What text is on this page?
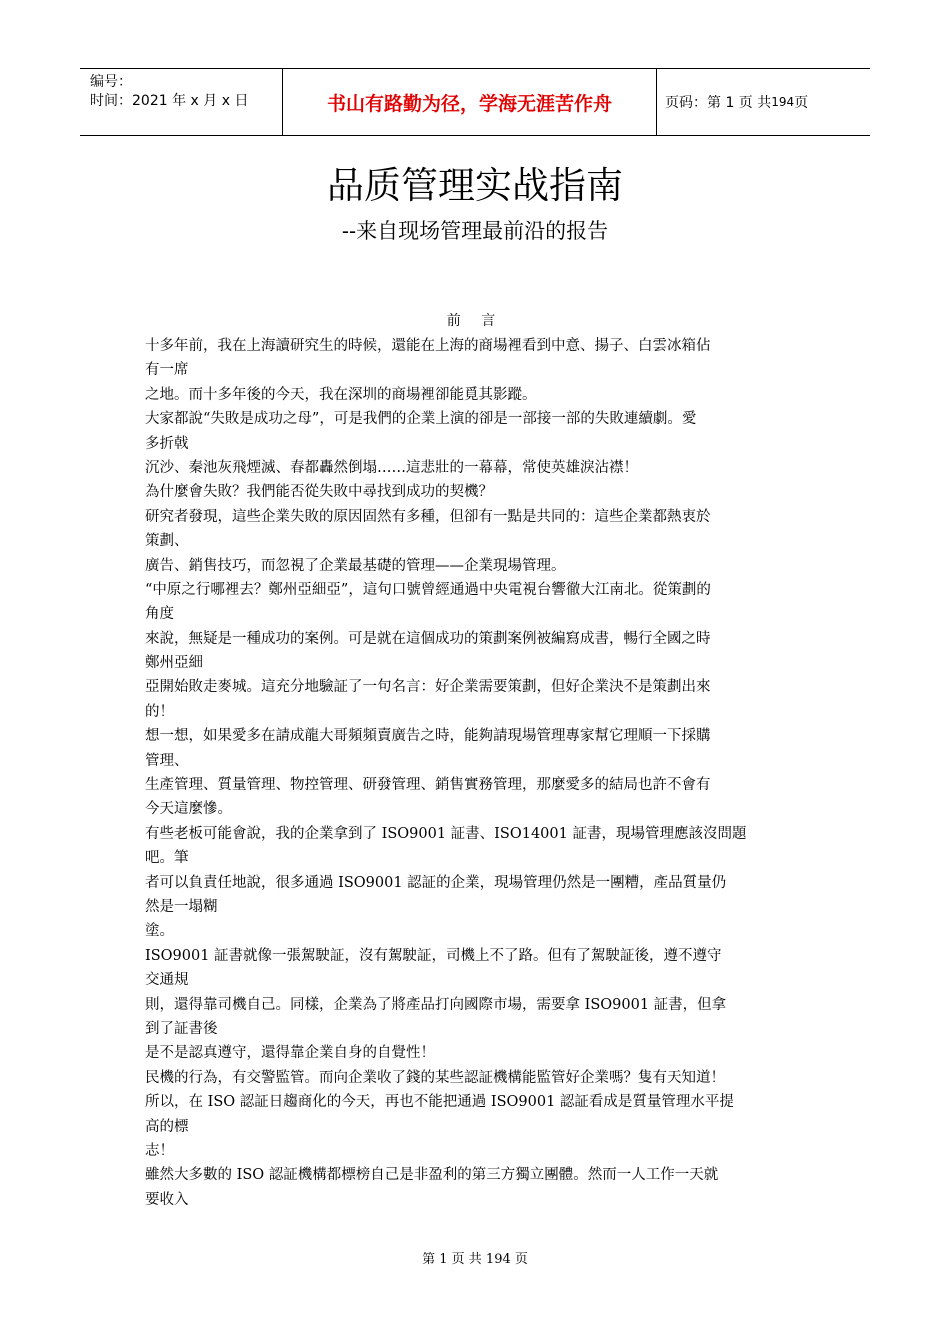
编号：
时间：2021 年 x 月 x 日	书山有路勤为径，学海无涯苦作舟	页码：第 1 页 共 194 页
品质管理实战指南
--来自现场管理最前沿的报告
前 言
十多年前，我在上海讀研究生的時候，還能在上海的商場裡看到中意、揚子、白雲冰箱佔
有一席
之地。而十多年後的今天，我在深圳的商場裡卻能覓其影蹤。
大家都說“失敗是成功之母”，可是我們的企業上演的卻是一部接一部的失敗連續劇。愛
多折戟
沉沙、秦池灰飛煙滅、春都轟然倒塌……這悲壯的一幕幕，常使英雄淚沾襟！
為什麼會失敗？我們能否從失敗中尋找到成功的契機？
研究者發現，這些企業失敗的原因固然有多種，但卻有一點是共同的：這些企業都熱衷於
策劃、
廣告、銷售技巧，而忽視了企業最基礎的管理——企業現場管理。
“中原之行哪裡去？鄭州亞細亞”，這句口號曾經通過中央電視台響徹大江南北。從策劃的
角度
來說，無疑是一種成功的案例。可是就在這個成功的策劃案例被編寫成書，暢行全國之時
鄭州亞細
亞開始敗走麥城。這充分地驗証了一句名言：好企業需要策劃，但好企業決不是策劃出來
的！
想一想，如果愛多在請成龍大哥頻頻賣廣告之時，能夠請現場管理專家幫它理順一下採購
管理、
生產管理、質量管理、物控管理、研發管理、銷售實務管理，那麼愛多的結局也許不會有
今天這麼慘。
有些老板可能會說，我的企業拿到了 ISO9001 証書、ISO14001 証書，現場管理應該沒問題
吧。筆
者可以負責任地說，很多通過 ISO9001 認証的企業，現場管理仍然是一團糟，產品質量仍
然是一塌糊
塗。
ISO9001 証書就像一張駕駛証，沒有駕駛証，司機上不了路。但有了駕駛証後，遵不遵守
交通規
則，還得靠司機自己。同樣，企業為了將產品打向國際市場，需要拿 ISO9001 証書，但拿
到了証書後
是不是認真遵守，還得靠企業自身的自覺性！
民機的行為，有交警監管。而向企業收了錢的某些認証機構能監管好企業嗎？隻有天知道！
所以，在 ISO 認証日趨商化的今天，再也不能把通過 ISO9001 認証看成是質量管理水平提
高的標
志！
雖然大多數的 ISO 認証機構都標榜自己是非盈利的第三方獨立團體。然而一人工作一天就
要收入
第 1 页 共 194 页
